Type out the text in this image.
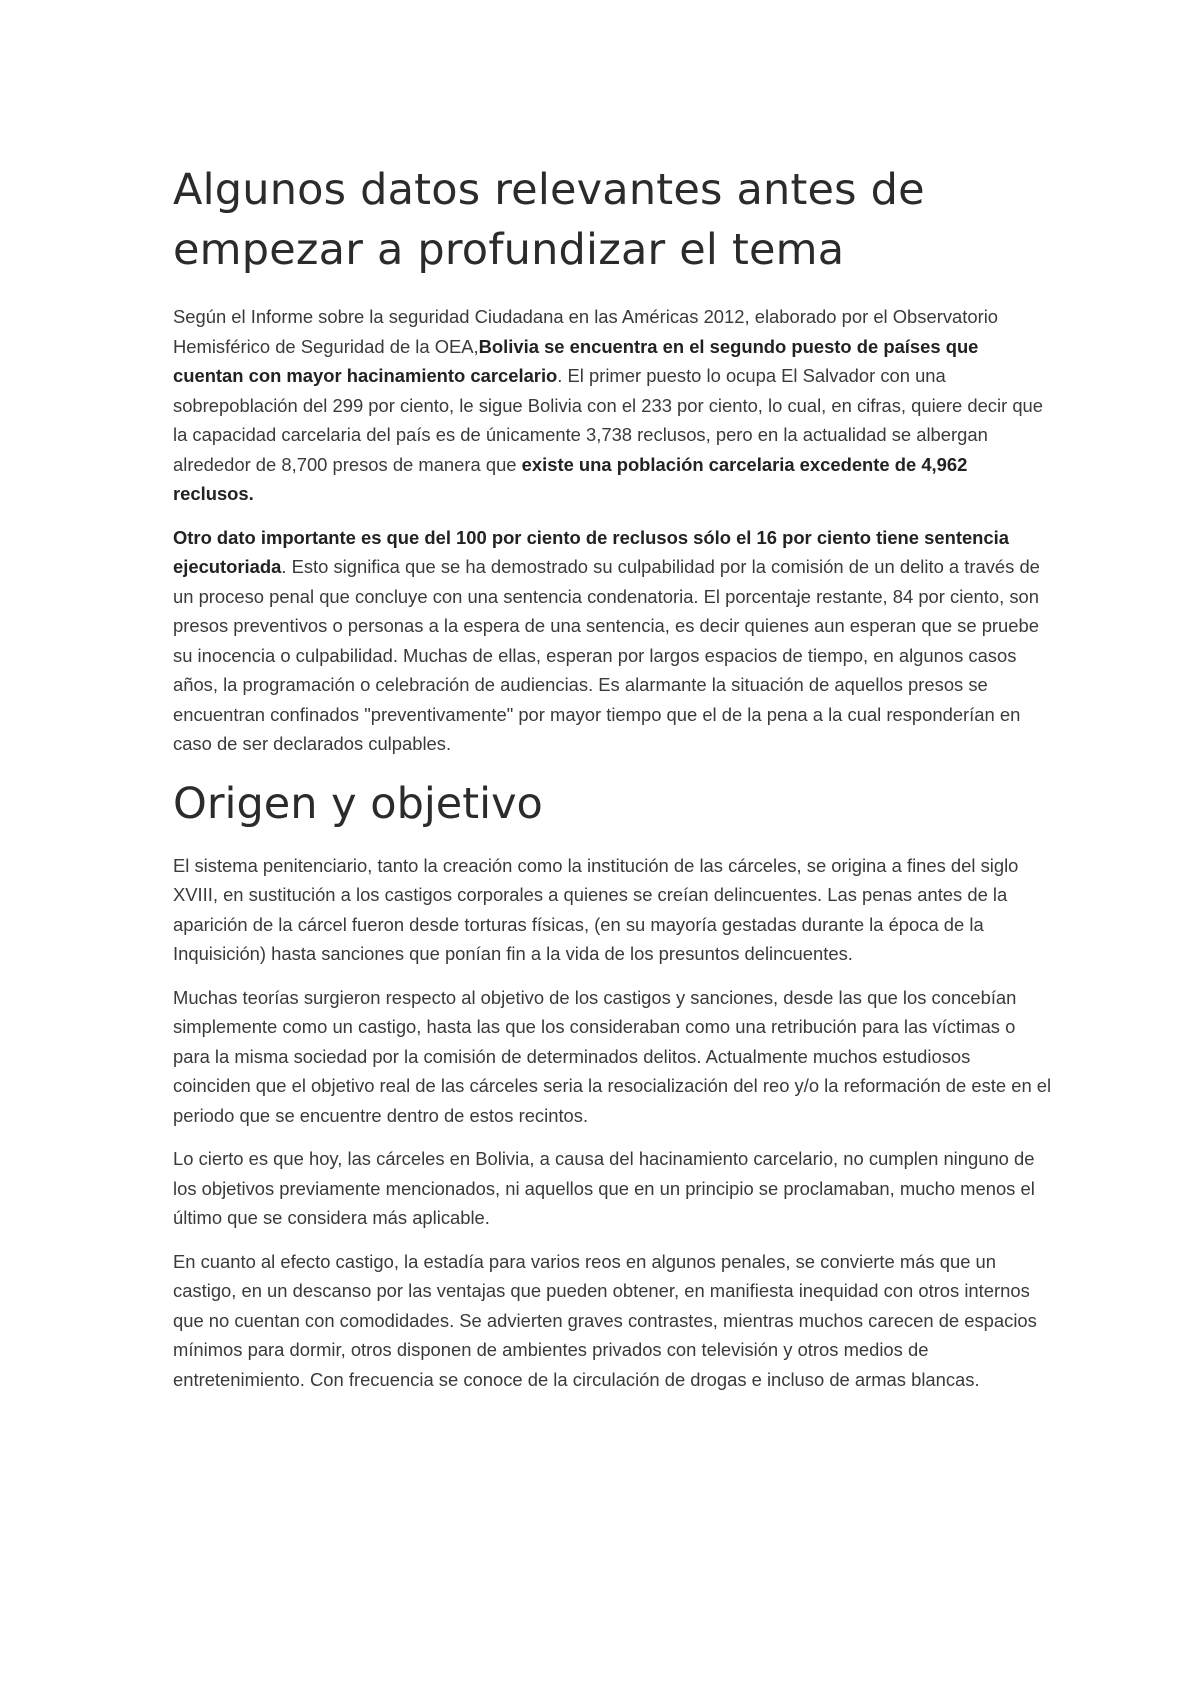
Algunos datos relevantes antes de empezar a profundizar el tema

Según el Informe sobre la seguridad Ciudadana en las Américas 2012, elaborado por el Observatorio Hemisférico de Seguridad de la OEA,Bolivia se encuentra en el segundo puesto de países que cuentan con mayor hacinamiento carcelario. El primer puesto lo ocupa El Salvador con una sobrepoblación del 299 por ciento, le sigue Bolivia con el 233 por ciento, lo cual, en cifras, quiere decir que la capacidad carcelaria del país es de únicamente 3,738 reclusos, pero en la actualidad se albergan alrededor de 8,700 presos de manera que existe una población carcelaria excedente de 4,962 reclusos.

Otro dato importante es que del 100 por ciento de reclusos sólo el 16 por ciento tiene sentencia ejecutoriada. Esto significa que se ha demostrado su culpabilidad por la comisión de un delito a través de un proceso penal que concluye con una sentencia condenatoria. El porcentaje restante, 84 por ciento, son presos preventivos o personas a la espera de una sentencia, es decir quienes aun esperan que se pruebe su inocencia o culpabilidad. Muchas de ellas, esperan por largos espacios de tiempo, en algunos casos años, la programación o celebración de audiencias. Es alarmante la situación de aquellos presos se encuentran confinados "preventivamente" por mayor tiempo que el de la pena a la cual responderían en caso de ser declarados culpables.

Origen y objetivo

El sistema penitenciario, tanto la creación como la institución de las cárceles, se origina a fines del siglo XVIII, en sustitución a los castigos corporales a quienes se creían delincuentes. Las penas antes de la aparición de la cárcel fueron desde torturas físicas, (en su mayoría gestadas durante la época de la Inquisición) hasta sanciones que ponían fin a la vida de los presuntos delincuentes.

Muchas teorías surgieron respecto al objetivo de los castigos y sanciones, desde las que los concebían simplemente como un castigo, hasta las que los consideraban como una retribución para las víctimas o para la misma sociedad por la comisión de determinados delitos. Actualmente muchos estudiosos coinciden que el objetivo real de las cárceles seria la resocialización del reo y/o la reformación de este en el periodo que se encuentre dentro de estos recintos.

Lo cierto es que hoy, las cárceles en Bolivia, a causa del hacinamiento carcelario, no cumplen ninguno de los objetivos previamente mencionados, ni aquellos que en un principio se proclamaban, mucho menos el último que se considera más aplicable.

En cuanto al efecto castigo, la estadía para varios reos en algunos penales, se convierte más que un castigo, en un descanso por las ventajas que pueden obtener, en manifiesta inequidad con otros internos que no cuentan con comodidades. Se advierten graves contrastes, mientras muchos carecen de espacios mínimos para dormir, otros disponen de ambientes privados con televisión y otros medios de entretenimiento. Con frecuencia se conoce de la circulación de drogas e incluso de armas blancas.
